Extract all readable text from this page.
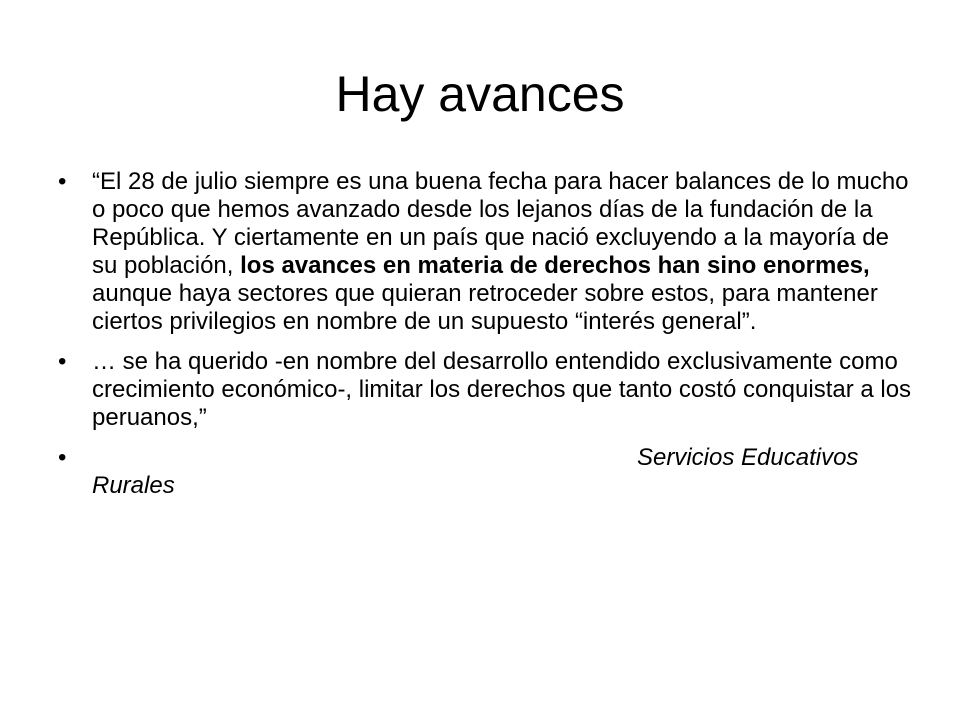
Hay avances
• “El 28 de julio siempre es una buena fecha para hacer balances de lo mucho o poco que hemos avanzado desde los lejanos días de la fundación de la República. Y ciertamente en un país que nació excluyendo a la mayoría de su población, los avances en materia de derechos han sino enormes, aunque haya sectores que quieran retroceder sobre estos, para mantener ciertos privilegios en nombre de un supuesto “interés general”.
• … se ha querido -en nombre del desarrollo entendido exclusivamente como crecimiento económico-, limitar los derechos que tanto costó conquistar a los peruanos,”
•	Servicios Educativos Rurales
